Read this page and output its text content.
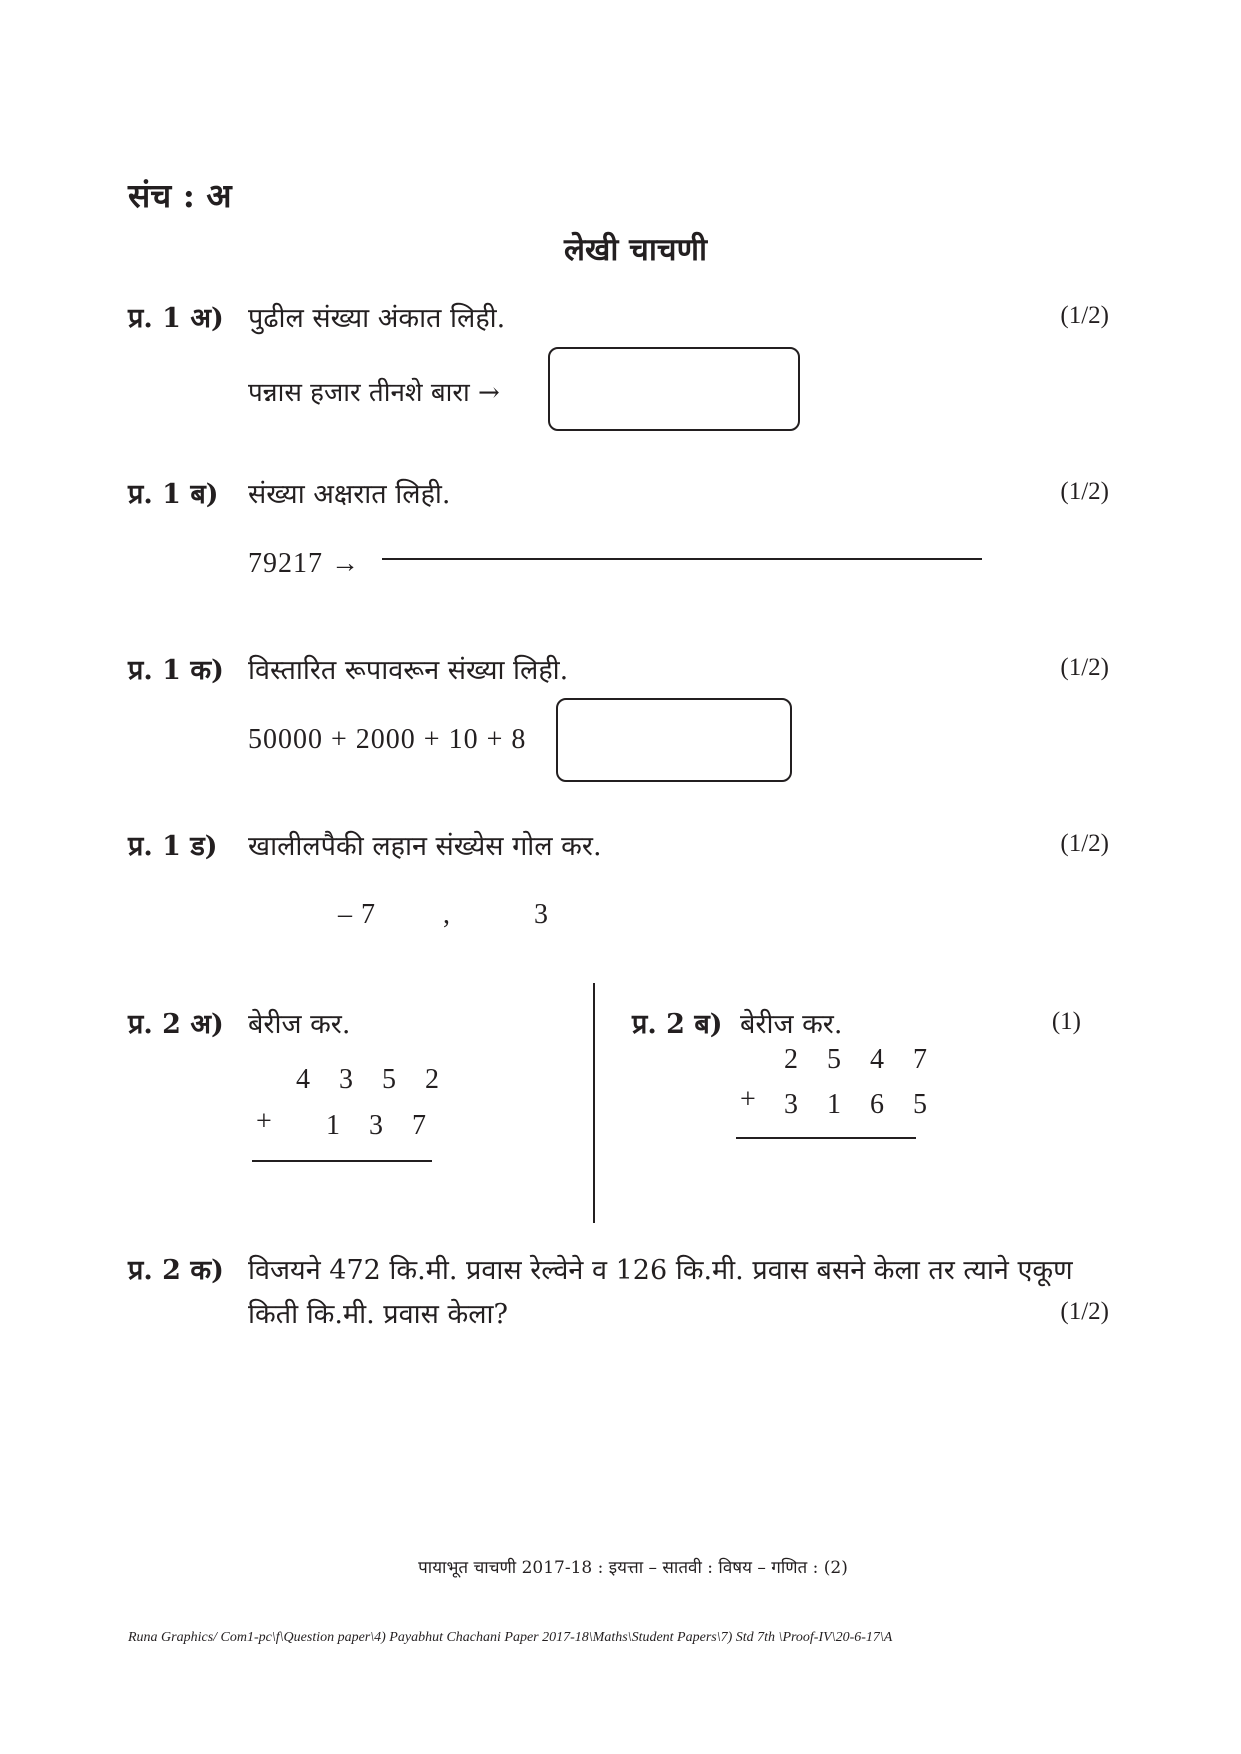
संच : अ
लेखी चाचणी
प्र. 1 अ) पुढील संख्या अंकात लिही.	(1/2)
पन्नास हजार तीनशे बारा →
प्र. 1 ब) संख्या अक्षरात लिही.	(1/2)
79217 →
प्र. 1 क) विस्तारित रूपावरून संख्या लिही.	(1/2)
50000 + 2000 + 10 + 8
प्र. 1 ड) खालीलपैकी लहान संख्येस गोल कर.	(1/2)
– 7 ,	3
प्र. 2 अ) बेरीज कर.
4 3 5 2
+ 1 3 7
प्र. 2 ब) बेरीज कर.	(1)
2 5 4 7
+ 3 1 6 5
प्र. 2 क) विजयने 472 कि.मी. प्रवास रेल्वेने व 126 कि.मी. प्रवास बसने केला तर त्याने एकूण
किती कि.मी. प्रवास केला?	(1/2)
पायाभूत चाचणी 2017-18 : इयत्ता – सातवी : विषय – गणित : (2)
Runa Graphics/ Com1-pc\f\Question paper\4) Payabhut Chachani Paper 2017-18\Maths\Student Papers\7) Std 7th \Proof-IV\20-6-17\A
